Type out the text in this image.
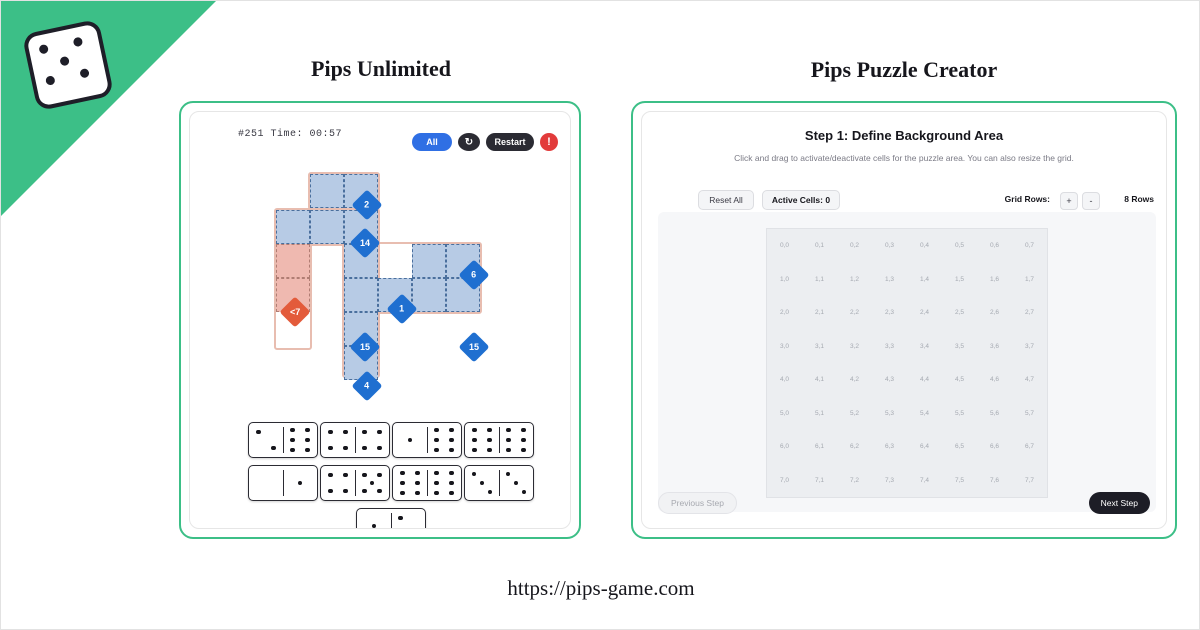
Pips Unlimited	Pips Puzzle Creator
#251 Time: 00:57
All	↻	Restart	!
2
14
6
1
<7
15	15
4
Step 1: Define Background Area
Click and drag to activate/deactivate cells for the puzzle area. You can also resize the grid.
Reset All	Active Cells:
0	Grid Rows:	+	-	8 Rows
0,0	0,1	0,2	0,3	0,4	0,5	0,6	0,7
1,0	1,1	1,2	1,3	1,4	1,5	1,6	1,7
2,0	2,1	2,2	2,3	2,4	2,5	2,6	2,7
3,0	3,1	3,2	3,3	3,4	3,5	3,6	3,7
4,0	4,1	4,2	4,3	4,4	4,5	4,6	4,7
5,0	5,1	5,2	5,3	5,4	5,5	5,6	5,7
6,0	6,1	6,2	6,3	6,4	6,5	6,6	6,7
7,0	7,1	7,2	7,3	7,4	7,5	7,6	7,7
Previous Step	Next Step
https://pips-game.com
